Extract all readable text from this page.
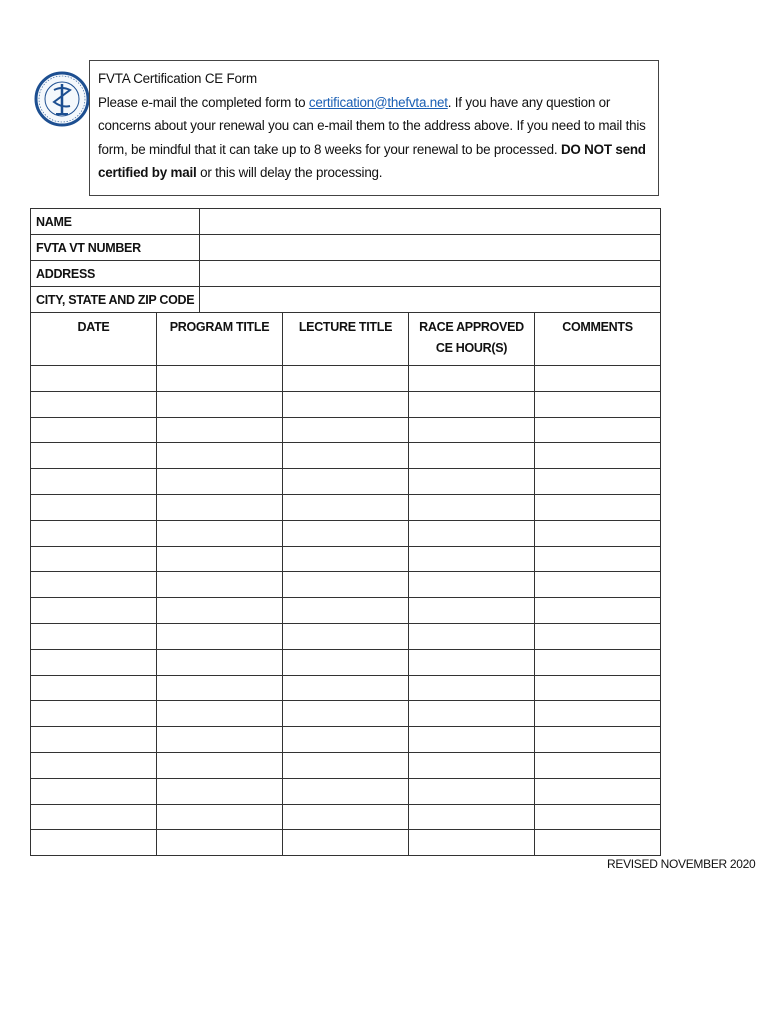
FVTA Certification CE Form
Please e-mail the completed form to certification@thefvta.net. If you have any question or concerns about your renewal you can e-mail them to the address above. If you need to mail this form, be mindful that it can take up to 8 weeks for your renewal to be processed. DO NOT send certified by mail or this will delay the processing.
NAME	
FVTA VT NUMBER	
ADDRESS	
CITY, STATE AND ZIP CODE	
DATE	PROGRAM TITLE	LECTURE TITLE	RACE APPROVED CE HOUR(S)	COMMENTS

REVISED NOVEMBER 2020
